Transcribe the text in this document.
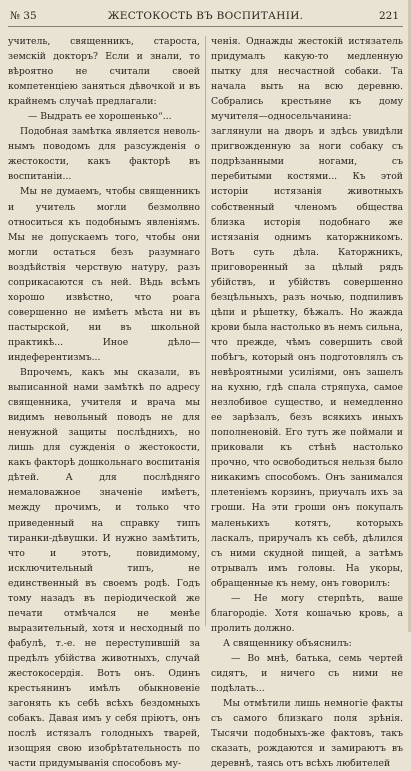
№ 35	ЖЕСТОКОСТЬ ВЪ ВОСПИТАНІИ.	221

учитель, священникъ, староста, земскій докторъ? Если и знали, то вѣроятно не считали своей компетенціею заняться дѣвочкой и въ крайнемъ случаѣ предлагали:

— Выдрать ее хорошенько“...

Подобная замѣтка является невольнымъ поводомъ для разсужденія о жестокости, какъ факторѣ въ воспитаніи...

Мы не думаемъ, чтобы священникъ и учитель могли безмолвно относиться къ подобнымъ явленіямъ. Мы не допускаемъ того, чтобы они могли остаться безъ разумнаго воздѣйствія черствую натуру, разъ соприкасаются съ ней. Вѣдь всѣмъ хорошо извѣстно, что роага совершенно не имѣетъ мѣста ни въ пастырской, ни въ школьной практикѣ... Иное дѣло—индеферентизмъ...

Впрочемъ, какъ мы сказали, въ выписанной нами замѣткѣ по адресу священника, учителя и врача мы видимъ невольный поводъ не для ненужной защиты послѣднихъ, но лишь для сужденія о жестокости, какъ факторѣ дошкольнаго воспитанія дѣтей. А для послѣдняго немаловажное значеніе имѣетъ, между прочимъ, и только что приведенный на справку типъ тиранки-дѣвушки. И нужно замѣтить, что и этотъ, повидимому, исключительный типъ, не единственный въ своемъ родѣ. Годъ тому назадъ въ періодической же печати отмѣчался не менѣе выразительный, хотя и несходный по фабулѣ, т.-е. не переступившій за предѣлъ убійства животныхъ, случай жестокосердія. Вотъ онъ. Одинъ крестьянинъ имѣлъ обыкновеніе загонять къ себѣ всѣхъ бездомныхъ собакъ. Давая имъ у себя пріютъ, онъ послѣ истязалъ голодныхъ тварей, изощряя свою изобрѣтательность по части придумыванія способовъ му-

ченія. Однажды жестокій истязатель придумалъ какую-то медленную пытку для несчастной собаки. Та начала выть на всю деревню. Собрались крестьяне къ дому мучителя—односельчанина: заглянули на дворъ и здѣсь увидѣли пригвожденную за ноги собаку съ подрѣзанными ногами, съ перебитыми костями... Къ этой исторіи истязанія животныхъ собственный членомъ общества близка исторія подобнаго же истязанія однимъ каторжникомъ. Вотъ суть дѣла. Каторжникъ, приговоренный за цѣлый рядъ убійствъ, и убійствъ совершенно безцѣльныхъ, разъ ночью, подпиливъ цѣпи и рѣшетку, бѣжалъ. Но жажда крови была настолько въ немъ сильна, что прежде, чѣмъ совершить свой побѣгъ, который онъ подготовлялъ съ невѣроятными усиліями, онъ зашелъ на кухню, гдѣ спала стряпуха, самое незлобивое существо, и немедленно ее зарѣзалъ, безъ всякихъ иныхъ пополненовій. Его тутъ же поймали и приковали къ стѣнѣ настолько прочно, что освободиться нельзя было никакимъ способомъ. Онъ занимался плетеніемъ корзинъ, приучалъ ихъ за гроши. На эти гроши онъ покупалъ маленькихъ котятъ, которыхъ ласкалъ, приручалъ къ себѣ, дѣлился съ ними скудной пищей, а затѣмъ отрывалъ имъ головы. На укоры, обращенные къ нему, онъ говорилъ:

— Не могу стерпѣть, ваше благородіе. Хотя кошачью кровь, а пролить должно.

А священнику объяснилъ:

— Во мнѣ, батька, семь чертей сидятъ, и ничего съ ними не подѣлать...

Мы отмѣтили лишь немногіе факты съ самого близкаго поля зрѣнія. Тысячи подобныхъ-же фактовъ, такъ сказать, рождаются и замираютъ въ деревнѣ, таясь отъ всѣхъ любителей
